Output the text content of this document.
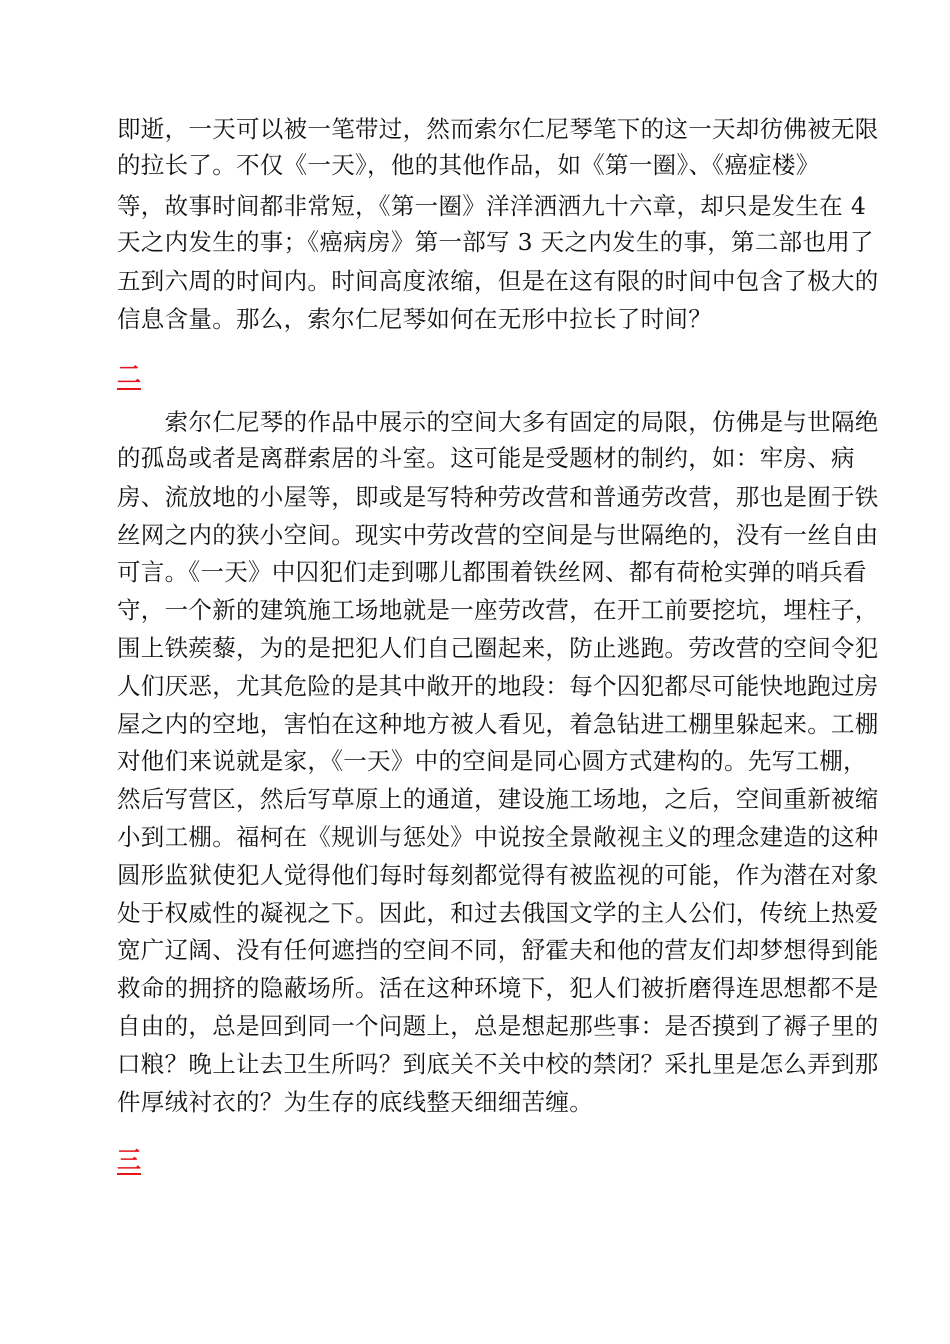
即逝，一天可以被一笔带过，然而索尔仁尼琴笔下的这一天却彷佛被无限
的拉长了。不仅《一天》，他的其他作品，如《第一圈》、《癌症楼》
等，故事时间都非常短，《第一圈》洋洋洒洒九十六章，却只是发生在 4
天之内发生的事；《癌病房》第一部写 3 天之内发生的事，第二部也用了
五到六周的时间内。时间高度浓缩，但是在这有限的时间中包含了极大的
信息含量。那么，索尔仁尼琴如何在无形中拉长了时间？
二
　　索尔仁尼琴的作品中展示的空间大多有固定的局限，仿佛是与世隔绝
的孤岛或者是离群索居的斗室。这可能是受题材的制约，如：牢房、病
房、流放地的小屋等，即或是写特种劳改营和普通劳改营，那也是囿于铁
丝网之内的狭小空间。现实中劳改营的空间是与世隔绝的，没有一丝自由
可言。《一天》中囚犯们走到哪儿都围着铁丝网、都有荷枪实弹的哨兵看
守，一个新的建筑施工场地就是一座劳改营，在开工前要挖坑，埋柱子，
围上铁蒺藜，为的是把犯人们自己圈起来，防止逃跑。劳改营的空间令犯
人们厌恶，尤其危险的是其中敞开的地段：每个囚犯都尽可能快地跑过房
屋之内的空地，害怕在这种地方被人看见，着急钻进工棚里躲起来。工棚
对他们来说就是家，《一天》中的空间是同心圆方式建构的。先写工棚，
然后写营区，然后写草原上的通道，建设施工场地，之后，空间重新被缩
小到工棚。福柯在《规训与惩处》中说按全景敞视主义的理念建造的这种
圆形监狱使犯人觉得他们每时每刻都觉得有被监视的可能，作为潜在对象
处于权威性的凝视之下。因此，和过去俄国文学的主人公们，传统上热爱
宽广辽阔、没有任何遮挡的空间不同，舒霍夫和他的营友们却梦想得到能
救命的拥挤的隐蔽场所。活在这种环境下，犯人们被折磨得连思想都不是
自由的，总是回到同一个问题上，总是想起那些事：是否摸到了褥子里的
口粮？晚上让去卫生所吗？到底关不关中校的禁闭？采扎里是怎么弄到那
件厚绒衬衣的？为生存的底线整天细细苦缠。
三
